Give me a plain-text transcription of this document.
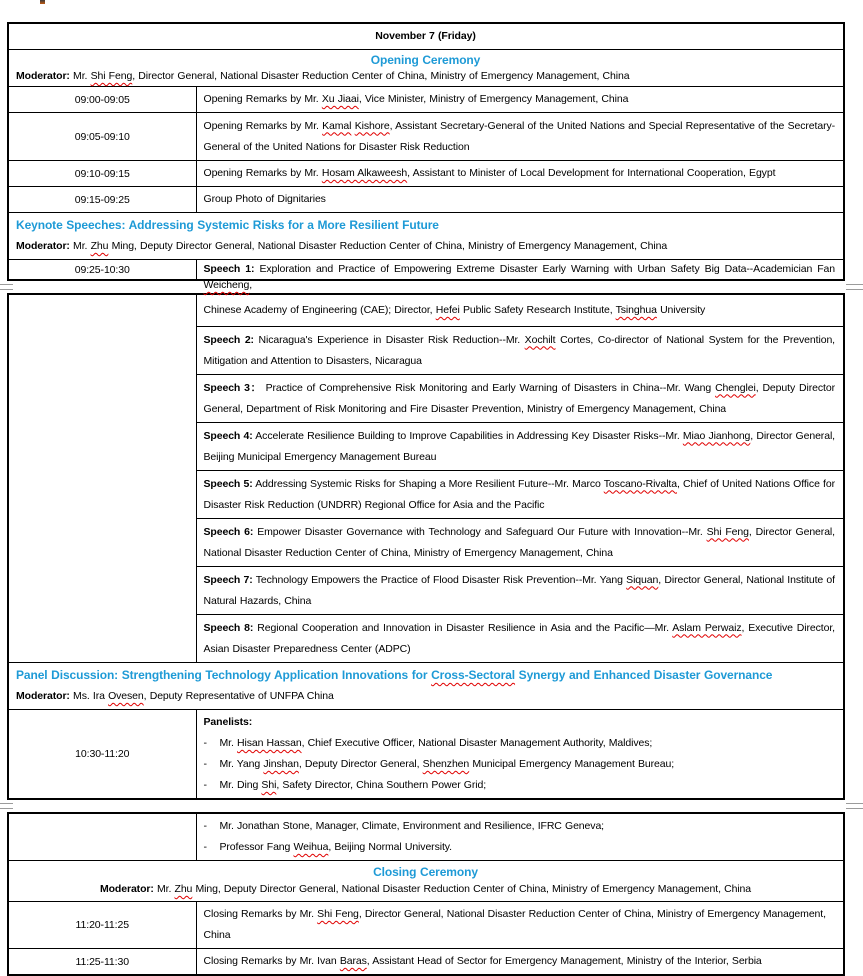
November 7 (Friday)	

Opening Ceremony
Moderator: Mr. Shi Feng, Director General, National Disaster Reduction Center of China, Ministry of Emergency Management, China	

09:00-09:05	Opening Remarks by Mr. Xu Jiaai, Vice Minister, Ministry of Emergency Management, China

09:05-09:10	Opening Remarks by Mr. Kamal Kishore, Assistant Secretary-General of the United Nations and Special Representative of the Secretary-General of the United Nations for Disaster Risk Reduction

09:10-09:15	Opening Remarks by Mr. Hosam Alkaweesh, Assistant to Minister of Local Development for International Cooperation, Egypt

09:15-09:25	Group Photo of Dignitaries

Keynote Speeches: Addressing Systemic Risks for a More Resilient Future
Moderator: Mr. Zhu Ming, Deputy Director General, National Disaster Reduction Center of China, Ministry of Emergency Management, China	

09:25-10:30	Speech 1: Exploration and Practice of Empowering Extreme Disaster Early Warning with Urban Safety Big Data--Academician Fan Weicheng,

	Chinese Academy of Engineering (CAE); Director, Hefei Public Safety Research Institute, Tsinghua University

	Speech 2: Nicaragua's Experience in Disaster Risk Reduction--Mr. Xochilt Cortes, Co-director of National System for the Prevention, Mitigation and Attention to Disasters, Nicaragua

	Speech 3： Practice of Comprehensive Risk Monitoring and Early Warning of Disasters in China--Mr. Wang Chenglei, Deputy Director General, Department of Risk Monitoring and Fire Disaster Prevention, Ministry of Emergency Management, China

	Speech 4: Accelerate Resilience Building to Improve Capabilities in Addressing Key Disaster Risks--Mr. Miao Jianhong, Director General, Beijing Municipal Emergency Management Bureau

	Speech 5: Addressing Systemic Risks for Shaping a More Resilient Future--Mr. Marco Toscano-Rivalta, Chief of United Nations Office for Disaster Risk Reduction (UNDRR) Regional Office for Asia and the Pacific

	Speech 6: Empower Disaster Governance with Technology and Safeguard Our Future with Innovation--Mr. Shi Feng, Director General, National Disaster Reduction Center of China, Ministry of Emergency Management, China

	Speech 7: Technology Empowers the Practice of Flood Disaster Risk Prevention--Mr. Yang Siquan, Director General, National Institute of Natural Hazards, China

	Speech 8: Regional Cooperation and Innovation in Disaster Resilience in Asia and the Pacific—Mr. Aslam Perwaiz, Executive Director, Asian Disaster Preparedness Center (ADPC)

Panel Discussion: Strengthening Technology Application Innovations for Cross-Sectoral Synergy and Enhanced Disaster Governance
Moderator: Ms. Ira Ovesen, Deputy Representative of UNFPA China	

10:30-11:20	Panelists:
- Mr. Hisan Hassan, Chief Executive Officer, National Disaster Management Authority, Maldives;
- Mr. Yang Jinshan, Deputy Director General, Shenzhen Municipal Emergency Management Bureau;
- Mr. Ding Shi, Safety Director, China Southern Power Grid;

	- Mr. Jonathan Stone, Manager, Climate, Environment and Resilience, IFRC Geneva;
- Professor Fang Weihua, Beijing Normal University.

Closing Ceremony
Moderator: Mr. Zhu Ming, Deputy Director General, National Disaster Reduction Center of China, Ministry of Emergency Management, China	

11:20-11:25	Closing Remarks by Mr. Shi Feng, Director General, National Disaster Reduction Center of China, Ministry of Emergency Management, China

11:25-11:30	Closing Remarks by Mr. Ivan Baras, Assistant Head of Sector for Emergency Management, Ministry of the Interior, Serbia
